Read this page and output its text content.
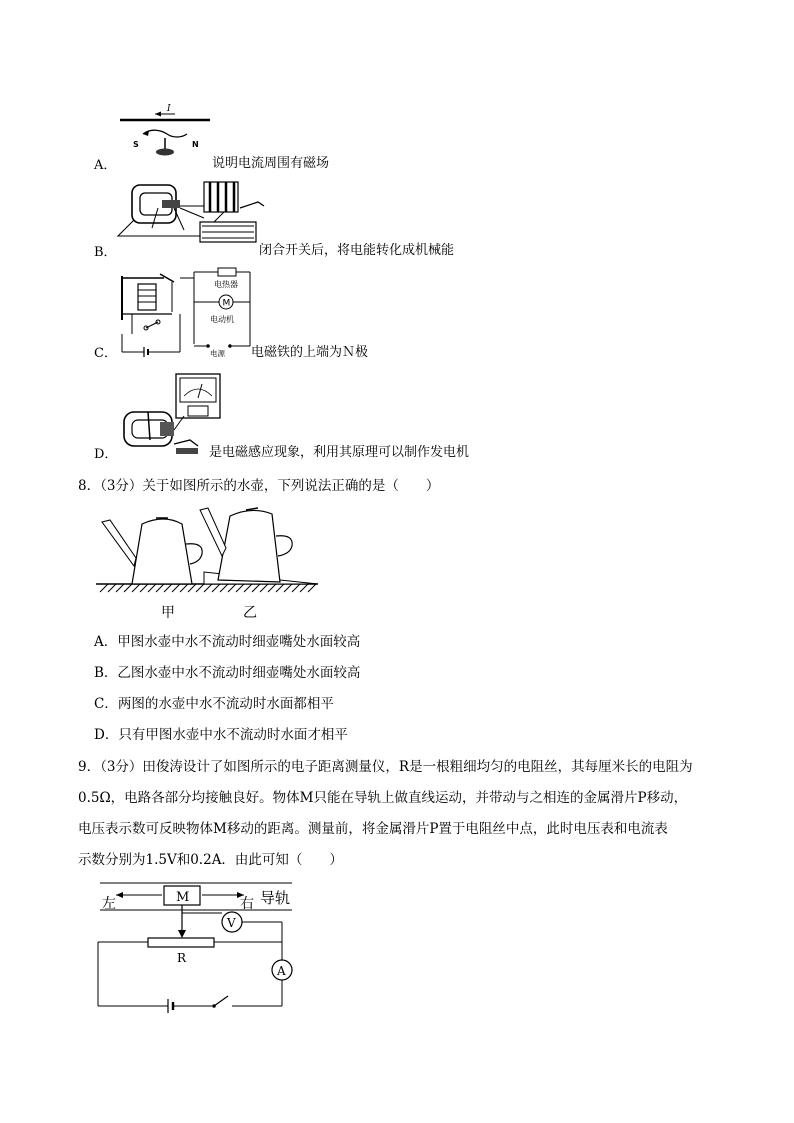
I
S	N
A．	说明电流周围有磁场
B．	闭合开关后，将电能转化成机械能
电热器
M
电动机
电源
C．	电磁铁的上端为Ｎ极
D．	是电磁感应现象，利用其原理可以制作发电机
8．（3分）关于如图所示的水壶，下列说法正确的是（　　）
甲	乙
A．甲图水壶中水不流动时细壶嘴处水面较高
B．乙图水壶中水不流动时细壶嘴处水面较高
C．两图的水壶中水不流动时水面都相平
D．只有甲图水壶中水不流动时水面才相平
9．（3分）田俊涛设计了如图所示的电子距离测量仪，R是一根粗细均匀的电阻丝，其每厘米长的电阻为
0.5Ω，电路各部分均接触良好。物体M只能在导轨上做直线运动，并带动与之相连的金属滑片P移动，
电压表示数可反映物体M移动的距离。测量前，将金属滑片P置于电阻丝中点，此时电压表和电流表
示数分别为1.5V和0.2A．由此可知（　　）
M
左	右 导轨
V
R
A
